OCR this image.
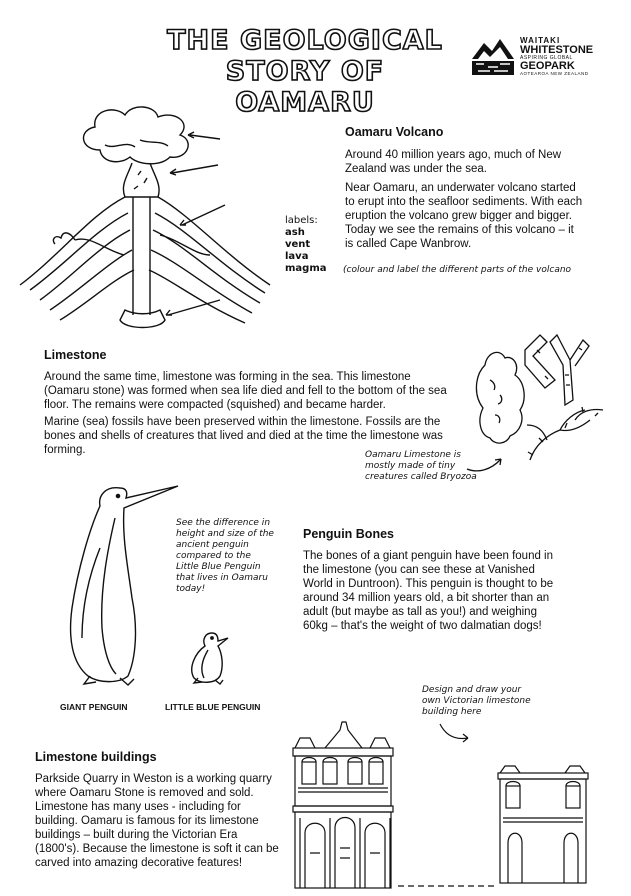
THE GEOLOGICAL
STORY OF OAMARU
WAITAKI
WHITESTONE
ASPIRING GLOBAL
GEOPARK
AOTEAROA NEW ZEALAND
labels:
ash
vent
lava
magma
Oamaru Volcano

Around 40 million years ago, much of New Zealand was under the sea.

Near Oamaru, an underwater volcano started to erupt into the seafloor sediments. With each eruption the volcano grew bigger and bigger. Today we see the remains of this volcano – it is called Cape Wanbrow.

(colour and label the different parts of the volcano
Limestone

Around the same time, limestone was forming in the sea. This limestone (Oamaru stone) was formed when sea life died and fell to the bottom of the sea floor. The remains were compacted (squished) and became harder.

Marine (sea) fossils have been preserved within the limestone. Fossils are the bones and shells of creatures that lived and died at the time the limestone was forming.	Oamaru Limestone is mostly made of tiny creatures called Bryozoa
GIANT PENGUIN	LITTLE BLUE PENGUIN
See the difference in height and size of the ancient penguin compared to the Little Blue Penguin that lives in Oamaru today!
Penguin Bones

The bones of a giant penguin have been found in the limestone (you can see these at Vanished World in Duntroon). This penguin is thought to be around 34 million years old, a bit shorter than an adult (but maybe as tall as you!) and weighing 60kg – that's the weight of two dalmatian dogs!

Design and draw your own Victorian limestone building here
Limestone buildings

Parkside Quarry in Weston is a working quarry where Oamaru Stone is removed and sold. Limestone has many uses - including for building. Oamaru is famous for its limestone buildings – built during the Victorian Era (1800's). Because the limestone is soft it can be carved into amazing decorative features!
